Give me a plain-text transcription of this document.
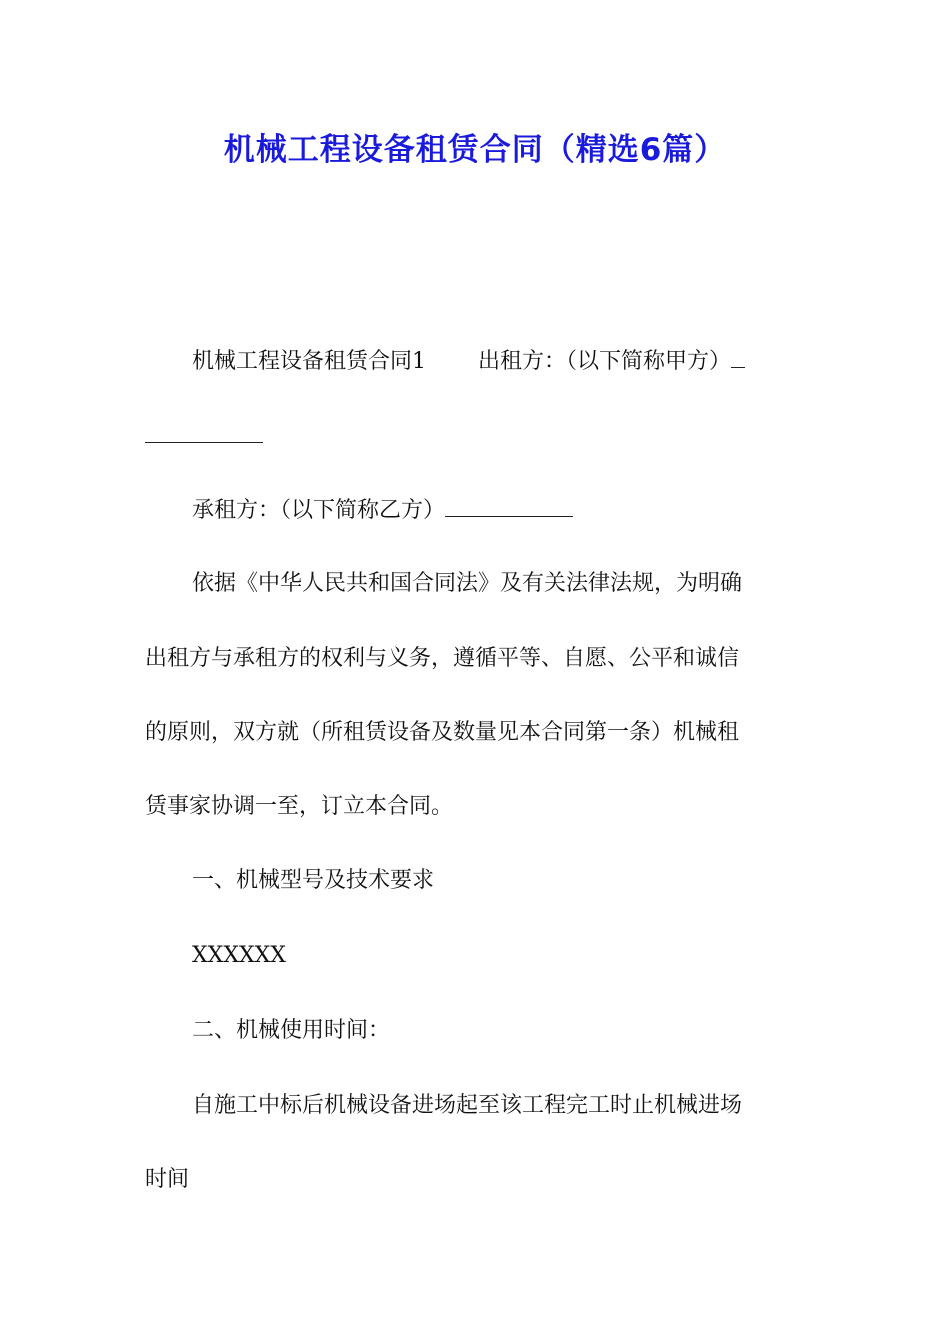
机械工程设备租赁合同（精选6篇）

机械工程设备租赁合同1 出租方：（以下简称甲方）

承租方：（以下简称乙方）

依据《中华人民共和国合同法》及有关法律法规，为明确

出租方与承租方的权利与义务，遵循平等、自愿、公平和诚信

的原则，双方就（所租赁设备及数量见本合同第一条）机械租

赁事家协调一至，订立本合同。

一、机械型号及技术要求

XXXXXX

二、机械使用时间：

自施工中标后机械设备进场起至该工程完工时止机械进场

时间
